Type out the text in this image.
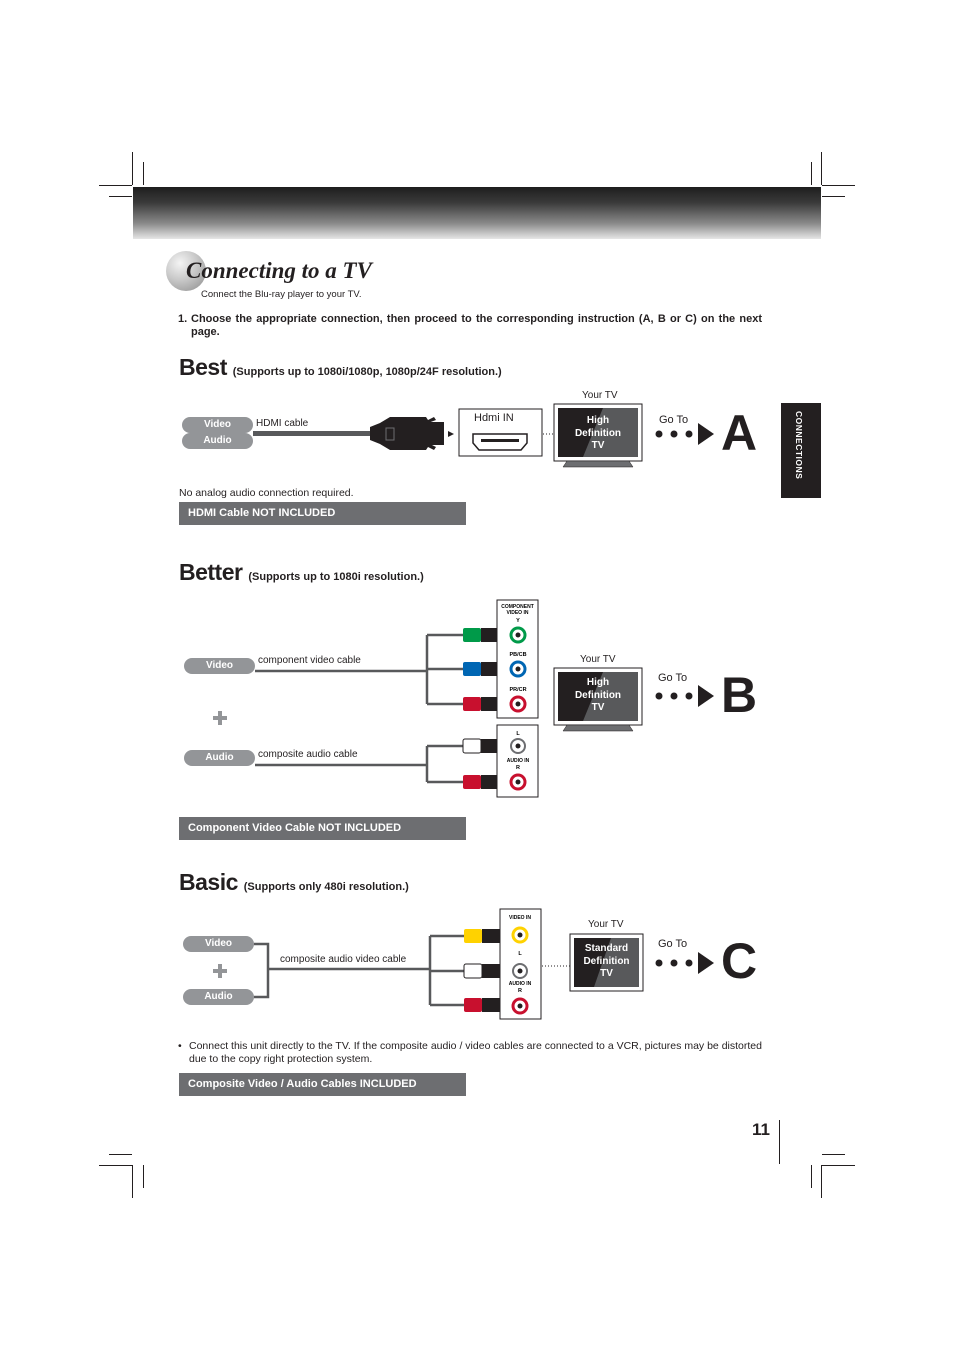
Connecting to a TV
Connect the Blu-ray player to your TV.
1. Choose the appropriate connection, then proceed to the corresponding instruction (A, B or C) on the next page.
CONNECTIONS
Best (Supports up to 1080i/1080p, 1080p/24F resolution.)
Video
Audio
HDMI cable	Hdmi IN
Your TV
High
Definition
TV
Go To A
No analog audio connection required.
HDMI Cable NOT INCLUDED
Better (Supports up to 1080i resolution.)
Video
Audio
component video cable
composite audio cable
COMPONENT
VIDEO IN
Y
PB/CB
PR/CR
L
AUDIO IN
R
Your TV
High
Definition
TV
Go To B
Component Video Cable NOT INCLUDED
Basic (Supports only 480i resolution.)
Video
Audio
composite audio video cable
VIDEO IN
L
AUDIO IN
R
Your TV
Standard
Definition
TV
Go To C
• Connect this unit directly to the TV. If the composite audio / video cables are connected to a VCR, pictures may be distorted due to the copy right protection system.
Composite Video / Audio Cables INCLUDED
11
